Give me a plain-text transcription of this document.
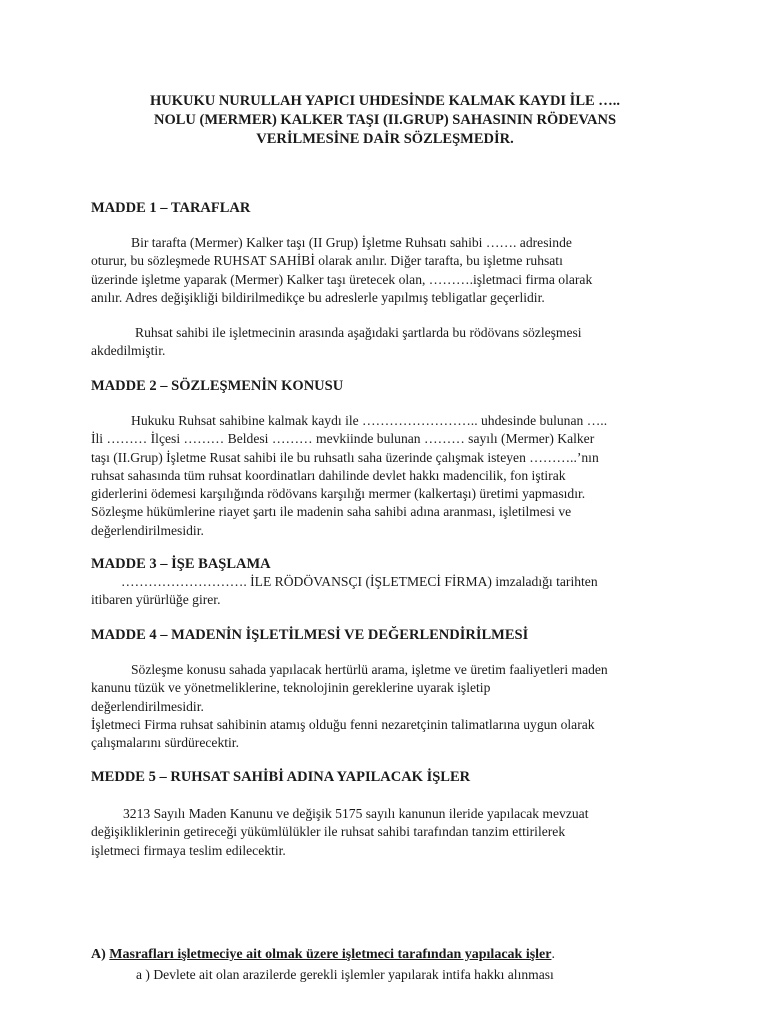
HUKUKU NURULLAH YAPICI UHDESİNDE KALMAK KAYDI İLE …..
NOLU (MERMER) KALKER TAŞI (II.GRUP) SAHASININ RÖDEVANS
VERİLMESİNE DAİR SÖZLEŞMEDİR.
MADDE 1 – TARAFLAR
Bir tarafta (Mermer) Kalker taşı (II Grup) İşletme Ruhsatı sahibi ……. adresinde
oturur, bu sözleşmede RUHSAT SAHİBİ olarak anılır. Diğer tarafta, bu işletme ruhsatı
üzerinde işletme yaparak (Mermer) Kalker taşı üretecek olan, ……….işletmaci firma olarak
anılır. Adres değişikliği bildirilmedikçe bu adreslerle yapılmış tebligatlar geçerlidir.
Ruhsat sahibi ile işletmecinin arasında aşağıdaki şartlarda bu rödövans sözleşmesi
akdedilmiştir.
MADDE 2 – SÖZLEŞMENİN KONUSU
Hukuku Ruhsat sahibine kalmak kaydı ile …………………….. uhdesinde bulunan …..
İli ……… İlçesi ……… Beldesi ……… mevkiinde bulunan ……… sayılı (Mermer) Kalker
taşı (II.Grup) İşletme Rusat sahibi ile bu ruhsatlı saha üzerinde çalışmak isteyen ………..’nın
ruhsat sahasında tüm ruhsat koordinatları dahilinde devlet hakkı madencilik, fon iştirak
giderlerini ödemesi karşılığında rödövans karşılığı mermer (kalkertaşı) üretimi yapmasıdır.
Sözleşme hükümlerine riayet şartı ile madenin saha sahibi adına aranması, işletilmesi ve
değerlendirilmesidir.
MADDE 3 – İŞE BAŞLAMA
………………………. İLE RÖDÖVANSÇI (İŞLETMECİ FİRMA) imzaladığı tarihten
itibaren yürürlüğe girer.
MADDE 4 – MADENİN İŞLETİLMESİ VE DEĞERLENDİRİLMESİ
Sözleşme konusu sahada yapılacak hertürlü arama, işletme ve üretim faaliyetleri maden
kanunu tüzük ve yönetmeliklerine, teknolojinin gereklerine uyarak işletip
değerlendirilmesidir.
İşletmeci Firma ruhsat sahibinin atamış olduğu fenni nezaretçinin talimatlarına uygun olarak
çalışmalarını sürdürecektir.
MEDDE 5 – RUHSAT SAHİBİ ADINA YAPILACAK İŞLER
3213 Sayılı Maden Kanunu ve değişik 5175 sayılı kanunun ileride yapılacak mevzuat
değişikliklerinin getireceği yükümlülükler ile ruhsat sahibi tarafından tanzim ettirilerek
işletmeci firmaya teslim edilecektir.
A) Masrafları işletmeciye ait olmak üzere işletmeci tarafından yapılacak işler.
a ) Devlete ait olan arazilerde gerekli işlemler yapılarak intifa hakkı alınması
